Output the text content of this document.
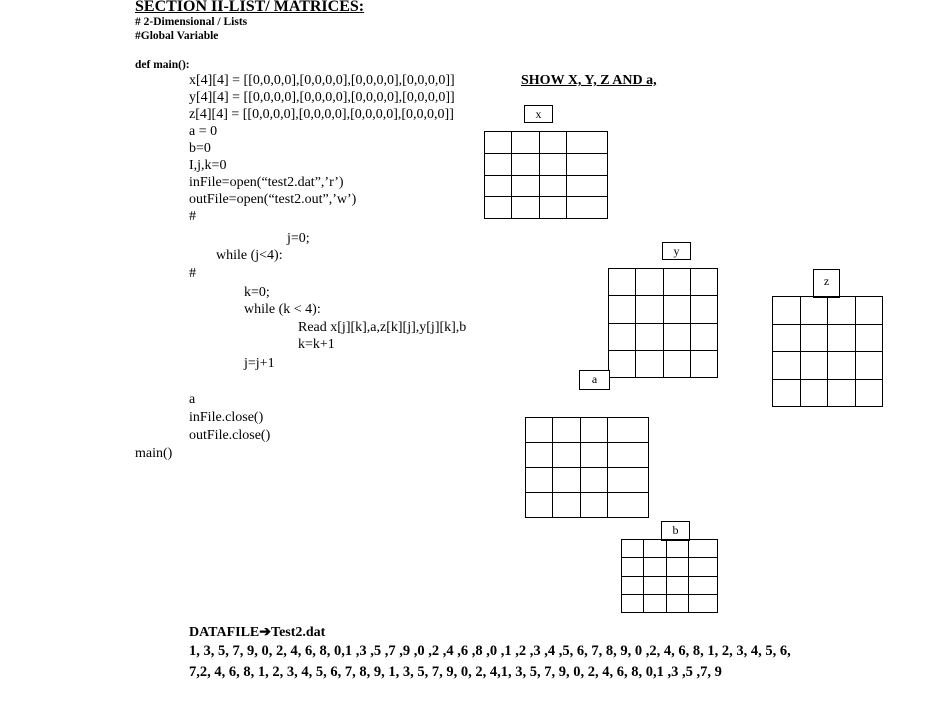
SECTION II-LIST/ MATRICES:
# 2-Dimensional / Lists
#Global Variable
def main():
x[4][4] = [[0,0,0,0],[0,0,0,0],[0,0,0,0],[0,0,0,0]]
y[4][4] = [[0,0,0,0],[0,0,0,0],[0,0,0,0],[0,0,0,0]]
z[4][4] = [[0,0,0,0],[0,0,0,0],[0,0,0,0],[0,0,0,0]]
a = 0
b=0
I,j,k=0
inFile=open(“test2.dat”,’r’)
outFile=open(“test2.out”,’w’)
#
j=0;
while (j<4):
#
k=0;
while (k < 4):
Read x[j][k],a,z[k][j],y[j][k],b
k=k+1
j=j+1
a
inFile.close()
outFile.close()
main()
SHOW X, Y, Z AND a,
x

y

a
z

b

DATAFILE➔Test2.dat
1, 3, 5, 7, 9, 0, 2, 4, 6, 8, 0,1 ,3 ,5 ,7 ,9 ,0 ,2 ,4 ,6 ,8 ,0 ,1 ,2 ,3 ,4 ,5, 6, 7, 8, 9, 0 ,2, 4, 6, 8, 1, 2, 3, 4, 5, 6, 7,2, 4, 6, 8, 1, 2, 3, 4, 5, 6, 7, 8, 9, 1, 3, 5, 7, 9, 0, 2, 4,1, 3, 5, 7, 9, 0, 2, 4, 6, 8, 0,1 ,3 ,5 ,7, 9
